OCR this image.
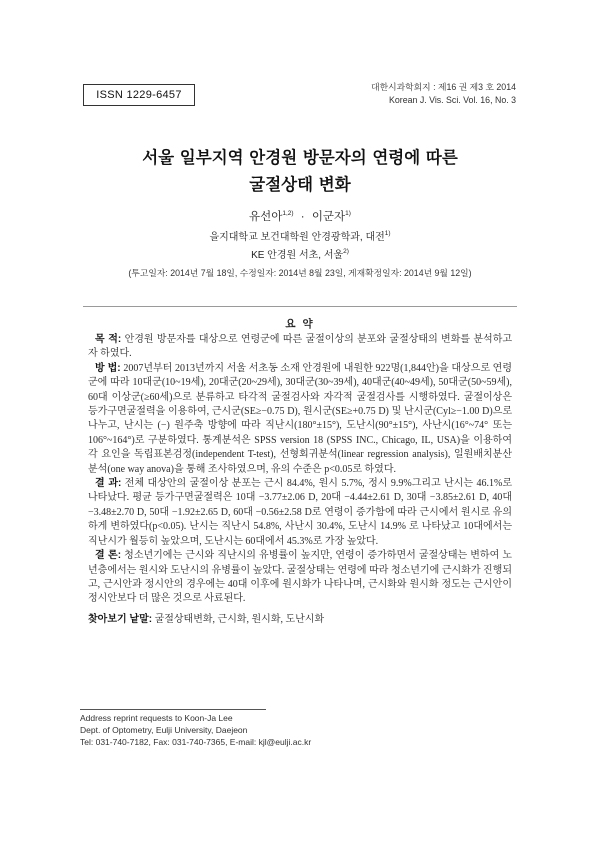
ISSN 1229-6457
대한시과학회지 : 제16 권 제3 호 2014
Korean J. Vis. Sci. Vol. 16, No. 3
서울 일부지역 안경원 방문자의 연령에 따른
굴절상태 변화
유선아$^{1,2)}$ · 이군자$^{1)}$
을지대학교 보건대학원 안경광학과, 대전$^{1)}$
KE 안경원 서초, 서울$^{2)}$
(투고일자: 2014년 7월 18일, 수정일자: 2014년 8월 23일, 게재확정일자: 2014년 9월 12일)
요 약

목 적: 안경원 방문자를 대상으로 연령군에 따른 굴절이상의 분포와 굴절상태의 변화를 분석하고자 하였다.

방 법: 2007년부터 2013년까지 서울 서초동 소재 안경원에 내원한 922명(1,844안)을 대상으로 연령군에 따라 10대군(10~19세), 20대군(20~29세), 30대군(30~39세), 40대군(40~49세), 50대군(50~59세), 60대 이상군(≥60세)으로 분류하고 타각적 굴절검사와 자각적 굴절검사를 시행하였다. 굴절이상은 등가구면굴절력을 이용하여, 근시군(SE≥−0.75 D), 원시군(SE≥+0.75 D) 및 난시군(Cyl≥−1.00 D)으로 나누고, 난시는 (−) 원주축 방향에 따라 직난시(180°±15°), 도난시(90°±15°), 사난시(16°~74° 또는 106°~164°)로 구분하였다. 통계분석은 SPSS version 18 (SPSS INC., Chicago, IL, USA)을 이용하여 각 요인을 독립표본검정(independent T-test), 선형회귀분석(linear regression analysis), 일원배치분산분석(one way anova)을 통해 조사하였으며, 유의 수준은 p<0.05로 하였다.

결 과: 전체 대상안의 굴절이상 분포는 근시 84.4%, 원시 5.7%, 정시 9.9%그리고 난시는 46.1%로 나타났다. 평균 등가구면굴절력은 10대 −3.77±2.06 D, 20대 −4.44±2.61 D, 30대 −3.85±2.61 D, 40대 −3.48±2.70 D, 50대 −1.92±2.65 D, 60대 −0.56±2.58 D로 연령이 증가함에 따라 근시에서 원시로 유의하게 변하였다(p<0.05). 난시는 직난시 54.8%, 사난시 30.4%, 도난시 14.9% 로 나타났고 10대에서는 직난시가 월등히 높았으며, 도난시는 60대에서 45.3%로 가장 높았다.

결 론: 청소년기에는 근시와 직난시의 유병률이 높지만, 연령이 증가하면서 굴절상태는 변하여 노년층에서는 원시와 도난시의 유병률이 높았다. 굴절상태는 연령에 따라 청소년기에 근시화가 진행되고, 근시안과 정시안의 경우에는 40대 이후에 원시화가 나타나며, 근시화와 원시화 정도는 근시안이 정시안보다 더 많은 것으로 사료된다.

찾아보기 낱말: 굴절상태변화, 근시화, 원시화, 도난시화

Address reprint requests to Koon-Ja Lee
Dept. of Optometry, Eulji University, Daejeon
Tel: 031-740-7182, Fax: 031-740-7365, E-mail: kjl@eulji.ac.kr
